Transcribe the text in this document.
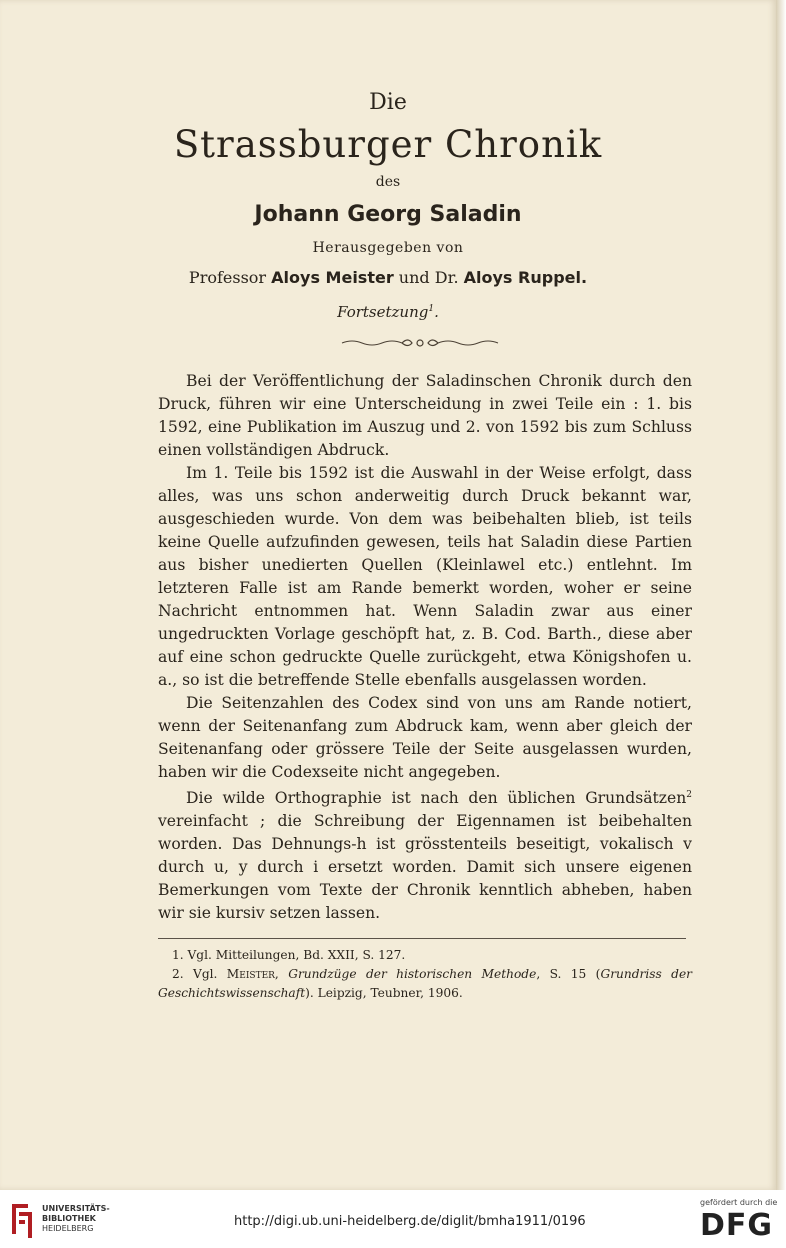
Die
Strassburger Chronik
des
Johann Georg Saladin
Herausgegeben von
Professor Aloys Meister und Dr. Aloys Ruppel.
Fortsetzung$^1$.

Bei der Veröffentlichung der Saladinschen Chronik durch den Druck, führen wir eine Unterscheidung in zwei Teile ein : 1. bis 1592, eine Publikation im Auszug und 2. von 1592 bis zum Schluss einen vollständigen Abdruck.

Im 1. Teile bis 1592 ist die Auswahl in der Weise erfolgt, dass alles, was uns schon anderweitig durch Druck bekannt war, ausgeschieden wurde. Von dem was beibehalten blieb, ist teils keine Quelle aufzufinden gewesen, teils hat Saladin diese Partien aus bisher unedierten Quellen (Kleinlawel etc.) entlehnt. Im letzteren Falle ist am Rande bemerkt worden, woher er seine Nachricht entnommen hat. Wenn Saladin zwar aus einer ungedruckten Vorlage geschöpft hat, z. B. Cod. Barth., diese aber auf eine schon gedruckte Quelle zurückgeht, etwa Königshofen u. a., so ist die betreffende Stelle ebenfalls ausgelassen worden.

Die Seitenzahlen des Codex sind von uns am Rande notiert, wenn der Seitenanfang zum Abdruck kam, wenn aber gleich der Seitenanfang oder grössere Teile der Seite ausgelassen wurden, haben wir die Codexseite nicht angegeben.

Die wilde Orthographie ist nach den üblichen Grundsätzen$^2$ vereinfacht ; die Schreibung der Eigennamen ist beibehalten worden. Das Dehnungs-h ist grösstenteils beseitigt, vokalisch v durch u, y durch i ersetzt worden. Damit sich unsere eigenen Bemerkungen vom Texte der Chronik kenntlich abheben, haben wir sie kursiv setzen lassen.

1. Vgl. Mitteilungen, Bd. XXII, S. 127.

2. Vgl. Meister, Grundzüge der historischen Methode, S. 15 (Grundriss der Geschichtswissenschaft). Leipzig, Teubner, 1906.

UNIVERSITÄTS-
BIBLIOTHEK
HEIDELBERG	http://digi.ub.uni-heidelberg.de/diglit/bmha1911/0196
gefördert durch die
DFG
